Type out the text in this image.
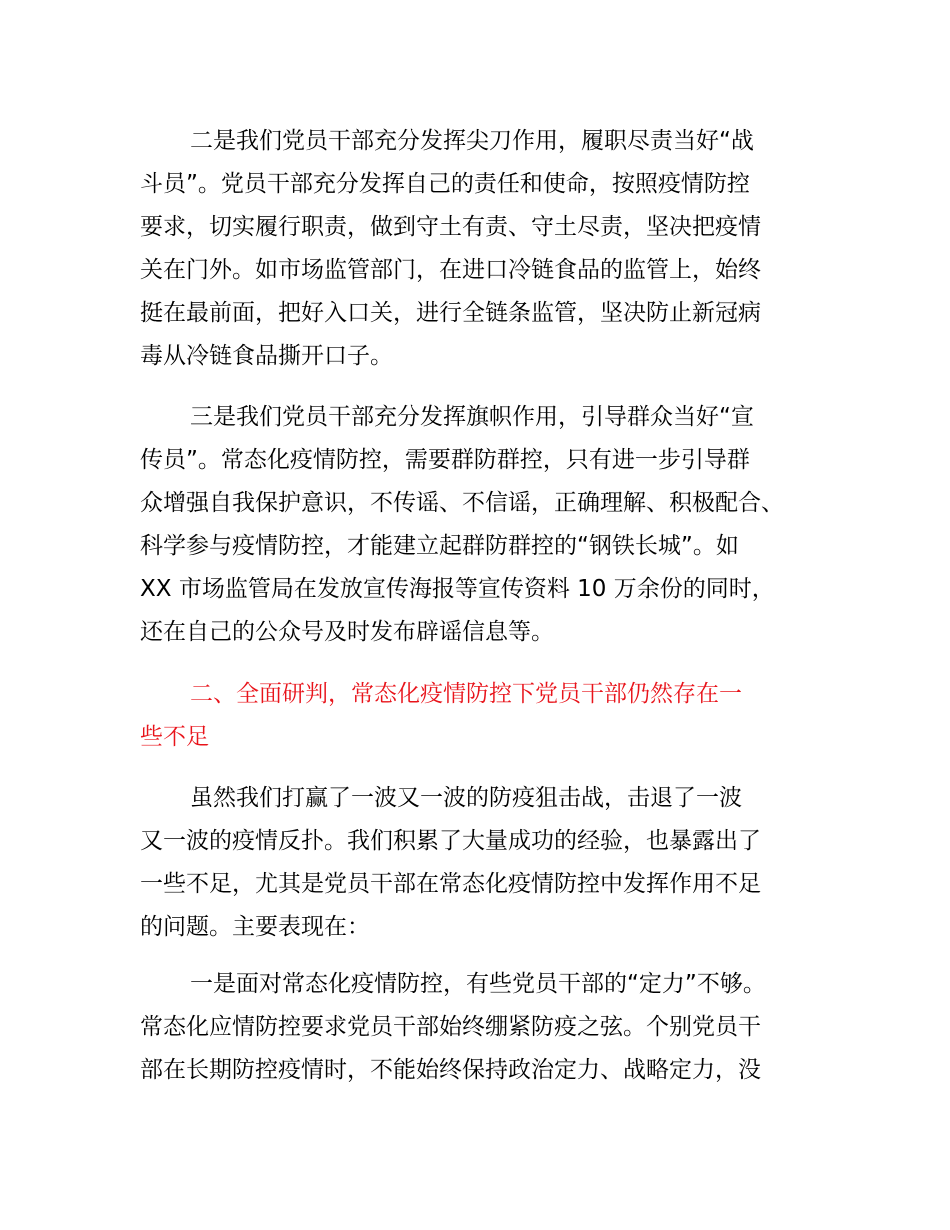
二是我们党员干部充分发挥尖刀作用，履职尽责当好“战
斗员”。党员干部充分发挥自己的责任和使命，按照疫情防控
要求，切实履行职责，做到守土有责、守土尽责，坚决把疫情
关在门外。如市场监管部门，在进口冷链食品的监管上，始终
挺在最前面，把好入口关，进行全链条监管，坚决防止新冠病
毒从冷链食品撕开口子。
三是我们党员干部充分发挥旗帜作用，引导群众当好“宣
传员”。常态化疫情防控，需要群防群控，只有进一步引导群
众增强自我保护意识，不传谣、不信谣，正确理解、积极配合、
科学参与疫情防控，才能建立起群防群控的“钢铁长城”。如
XX 市场监管局在发放宣传海报等宣传资料 10 万余份的同时，
还在自己的公众号及时发布辟谣信息等。
二、全面研判，常态化疫情防控下党员干部仍然存在一
些不足
虽然我们打赢了一波又一波的防疫狙击战，击退了一波
又一波的疫情反扑。我们积累了大量成功的经验，也暴露出了
一些不足，尤其是党员干部在常态化疫情防控中发挥作用不足
的问题。主要表现在：
一是面对常态化疫情防控，有些党员干部的“定力”不够。
常态化应情防控要求党员干部始终绷紧防疫之弦。个别党员干
部在长期防控疫情时，不能始终保持政治定力、战略定力，没
